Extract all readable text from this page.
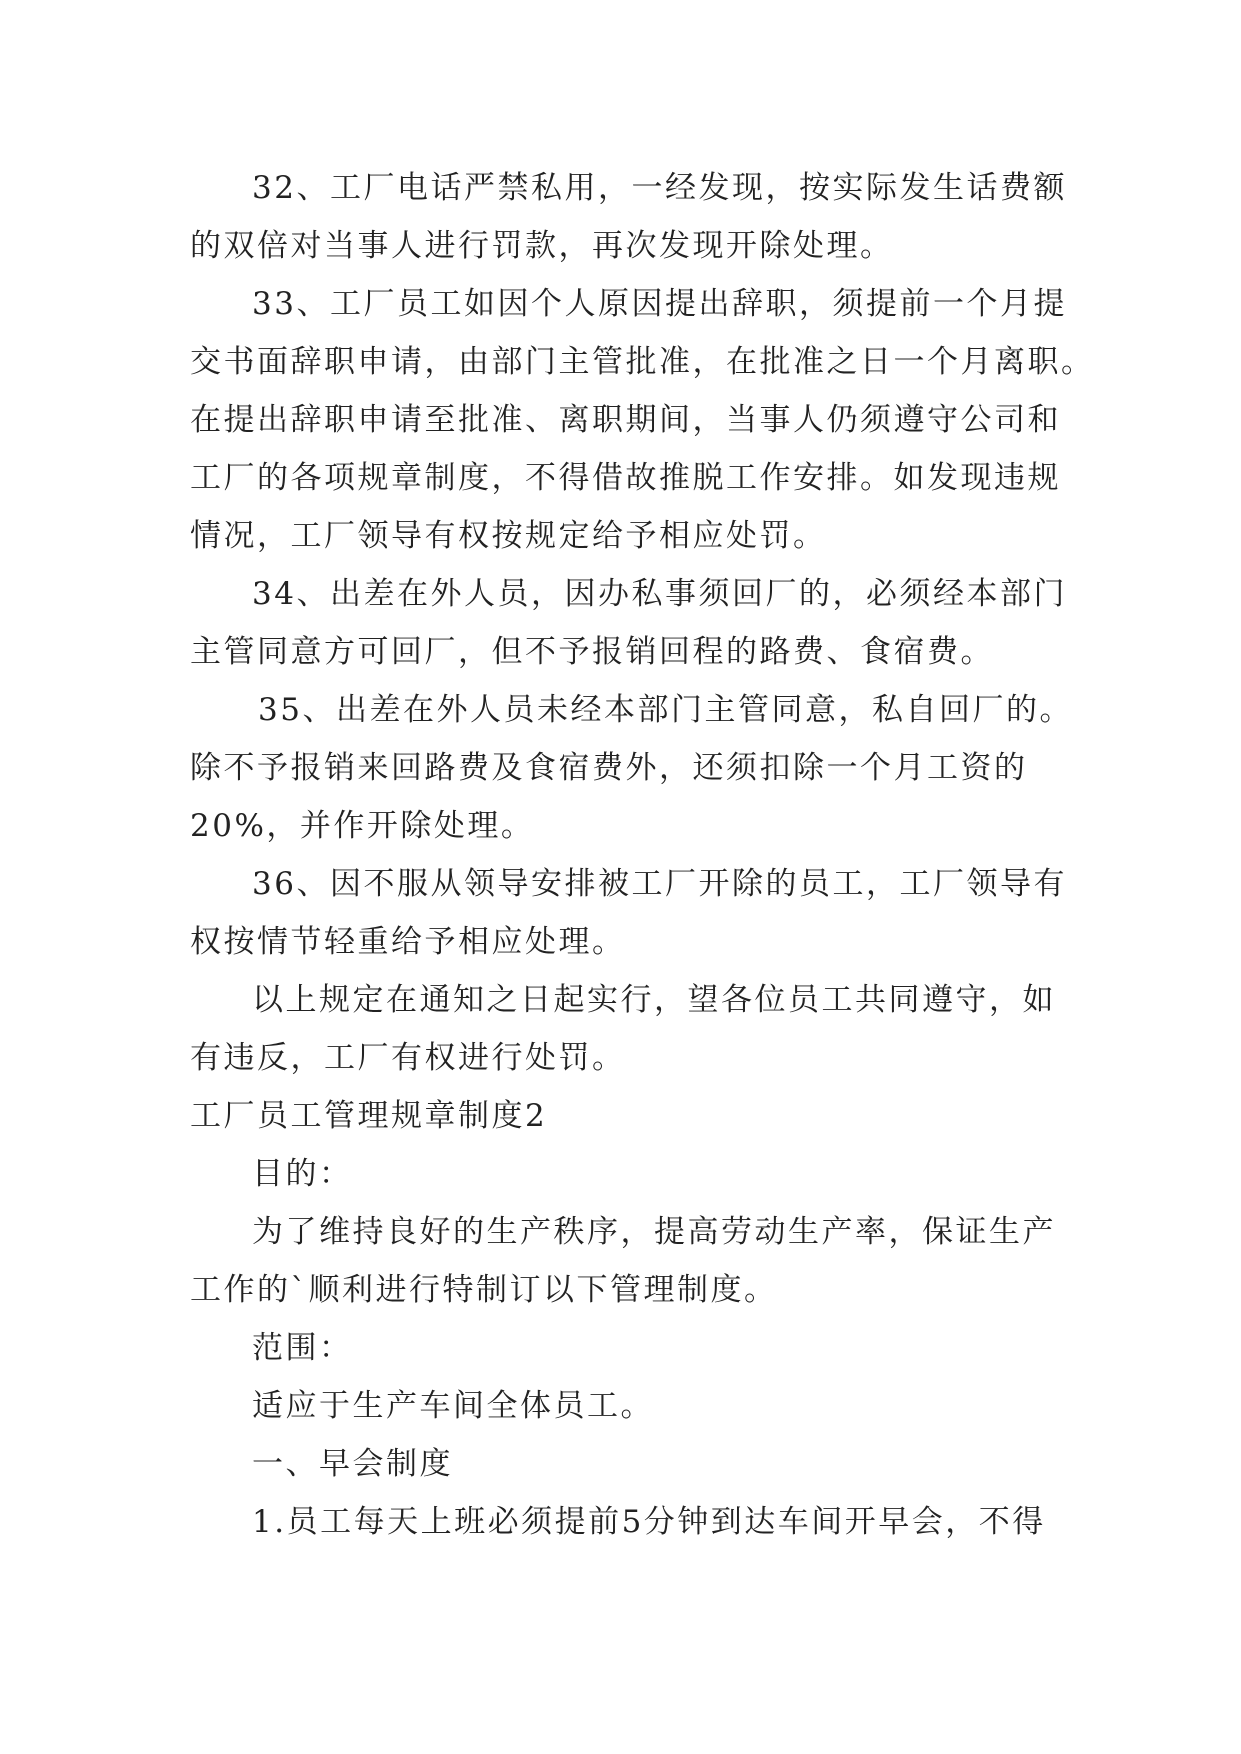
32、工厂电话严禁私用，一经发现，按实际发生话费额
的双倍对当事人进行罚款，再次发现开除处理。

33、工厂员工如因个人原因提出辞职，须提前一个月提
交书面辞职申请，由部门主管批准，在批准之日一个月离职。
在提出辞职申请至批准、离职期间，当事人仍须遵守公司和
工厂的各项规章制度，不得借故推脱工作安排。如发现违规
情况，工厂领导有权按规定给予相应处罚。

34、出差在外人员，因办私事须回厂的，必须经本部门
主管同意方可回厂，但不予报销回程的路费、食宿费。

35、出差在外人员未经本部门主管同意，私自回厂的。
除不予报销来回路费及食宿费外，还须扣除一个月工资的
20%，并作开除处理。

36、因不服从领导安排被工厂开除的员工，工厂领导有
权按情节轻重给予相应处理。

以上规定在通知之日起实行，望各位员工共同遵守，如
有违反，工厂有权进行处罚。

工厂员工管理规章制度2

目的：

为了维持良好的生产秩序，提高劳动生产率，保证生产
工作的`顺利进行特制订以下管理制度。

范围：

适应于生产车间全体员工。

一、早会制度

1.员工每天上班必须提前5分钟到达车间开早会，不得
